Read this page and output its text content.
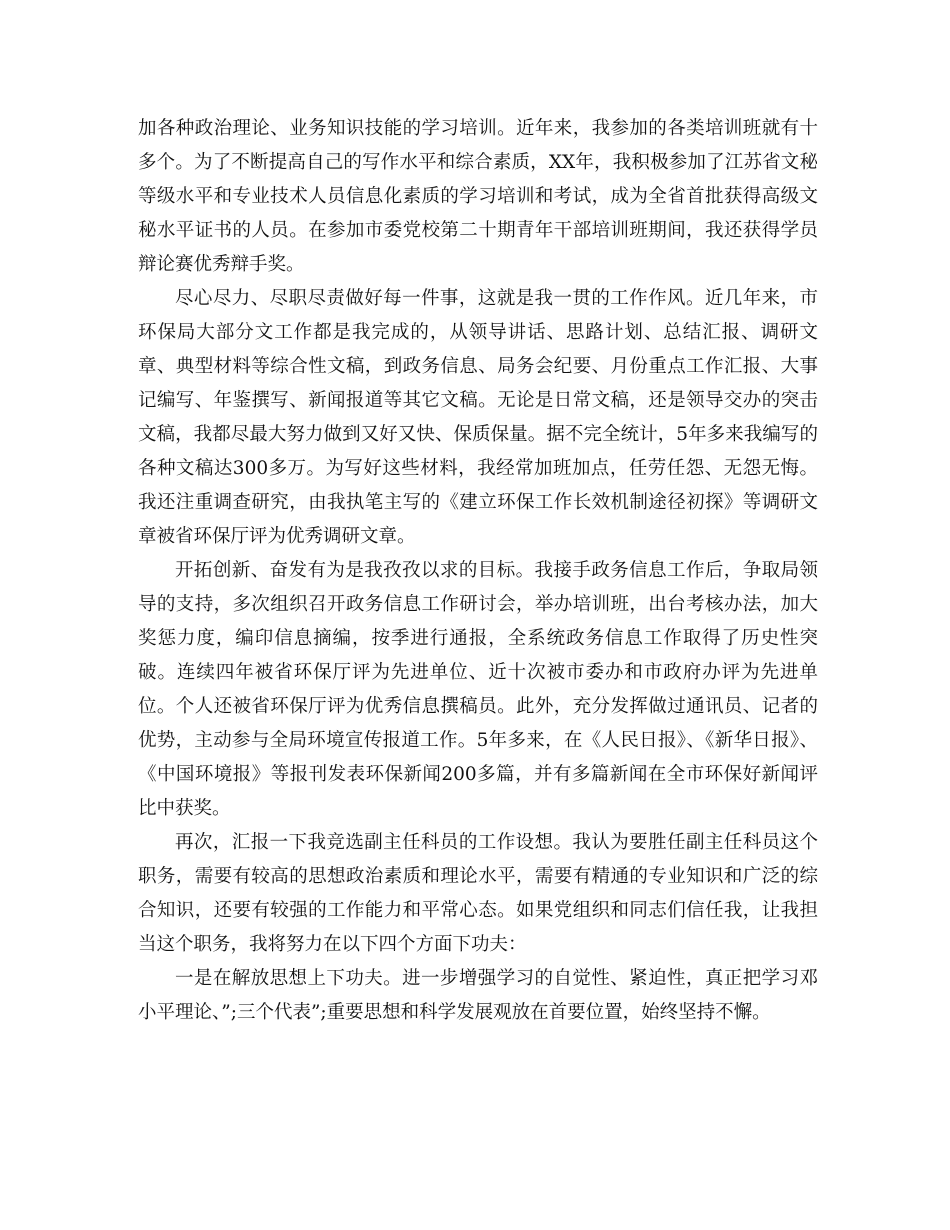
加各种政治理论、业务知识技能的学习培训。近年来，我参加的各类培训班就有十多个。为了不断提高自己的写作水平和综合素质，XX年，我积极参加了江苏省文秘等级水平和专业技术人员信息化素质的学习培训和考试，成为全省首批获得高级文秘水平证书的人员。在参加市委党校第二十期青年干部培训班期间，我还获得学员辩论赛优秀辩手奖。

尽心尽力、尽职尽责做好每一件事，这就是我一贯的工作作风。近几年来，市环保局大部分文工作都是我完成的，从领导讲话、思路计划、总结汇报、调研文章、典型材料等综合性文稿，到政务信息、局务会纪要、月份重点工作汇报、大事记编写、年鉴撰写、新闻报道等其它文稿。无论是日常文稿，还是领导交办的突击文稿，我都尽最大努力做到又好又快、保质保量。据不完全统计，5年多来我编写的各种文稿达300多万。为写好这些材料，我经常加班加点，任劳任怨、无怨无悔。我还注重调查研究，由我执笔主写的《建立环保工作长效机制途径初探》等调研文章被省环保厅评为优秀调研文章。

开拓创新、奋发有为是我孜孜以求的目标。我接手政务信息工作后，争取局领导的支持，多次组织召开政务信息工作研讨会，举办培训班，出台考核办法，加大奖惩力度，编印信息摘编，按季进行通报，全系统政务信息工作取得了历史性突破。连续四年被省环保厅评为先进单位、近十次被市委办和市政府办评为先进单位。个人还被省环保厅评为优秀信息撰稿员。此外，充分发挥做过通讯员、记者的优势，主动参与全局环境宣传报道工作。5年多来，在《人民日报》、《新华日报》、《中国环境报》等报刊发表环保新闻200多篇，并有多篇新闻在全市环保好新闻评比中获奖。

再次，汇报一下我竞选副主任科员的工作设想。我认为要胜任副主任科员这个职务，需要有较高的思想政治素质和理论水平，需要有精通的专业知识和广泛的综合知识，还要有较强的工作能力和平常心态。如果党组织和同志们信任我，让我担当这个职务，我将努力在以下四个方面下功夫：

一是在解放思想上下功夫。进一步增强学习的自觉性、紧迫性，真正把学习邓小平理论、”;三个代表”;重要思想和科学发展观放在首要位置，始终坚持不懈。
